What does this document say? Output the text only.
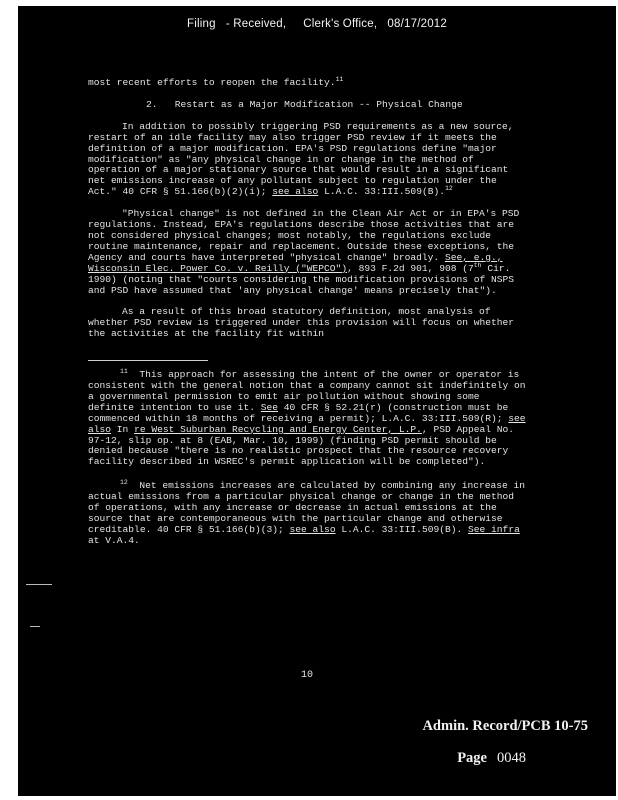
Filing - Received, Clerk's Office, 08/17/2012

most recent efforts to reopen the facility.$^{11}$

2. Restart as a Major Modification -- Physical Change

In addition to possibly triggering PSD requirements as a new source, restart of an idle facility may also trigger PSD review if it meets the definition of a major modification. EPA's PSD regulations define "major modification" as "any physical change in or change in the method of operation of a major stationary source that would result in a significant net emissions increase of any pollutant subject to regulation under the Act." 40 CFR § 51.166(b)(2)(i); see also L.A.C. 33:III.509(B).$^{12}$

"Physical change" is not defined in the Clean Air Act or in EPA's PSD regulations. Instead, EPA's regulations describe those activities that are not considered physical changes; most notably, the regulations exclude routine maintenance, repair and replacement. Outside these exceptions, the Agency and courts have interpreted "physical change" broadly. See, e.g., Wisconsin Elec. Power Co. v. Reilly ("WEPCO"), 893 F.2d 901, 908 (7th Cir. 1990) (noting that "courts considering the modification provisions of NSPS and PSD have assumed that 'any physical change' means precisely that").

As a result of this broad statutory definition, most analysis of whether PSD review is triggered under this provision will focus on whether the activities at the facility fit within

$^{11}$ This approach for assessing the intent of the owner or operator is consistent with the general notion that a company cannot sit indefinitely on a governmental permission to emit air pollution without showing some definite intention to use it. See 40 CFR § 52.21(r) (construction must be commenced within 18 months of receiving a permit); L.A.C. 33:III.509(R); see also In re West Suburban Recycling and Energy Center, L.P., PSD Appeal No. 97-12, slip op. at 8 (EAB, Mar. 10, 1999) (finding PSD permit should be denied because "there is no realistic prospect that the resource recovery facility described in WSREC's permit application will be completed").

$^{12}$ Net emissions increases are calculated by combining any increase in actual emissions from a particular physical change or change in the method of operations, with any increase or decrease in actual emissions at the source that are contemporaneous with the particular change and otherwise creditable. 40 CFR § 51.166(b)(3); see also L.A.C. 33:III.509(B). See infra at V.A.4.

10
Admin. Record/PCB 10-75
Page 0048
